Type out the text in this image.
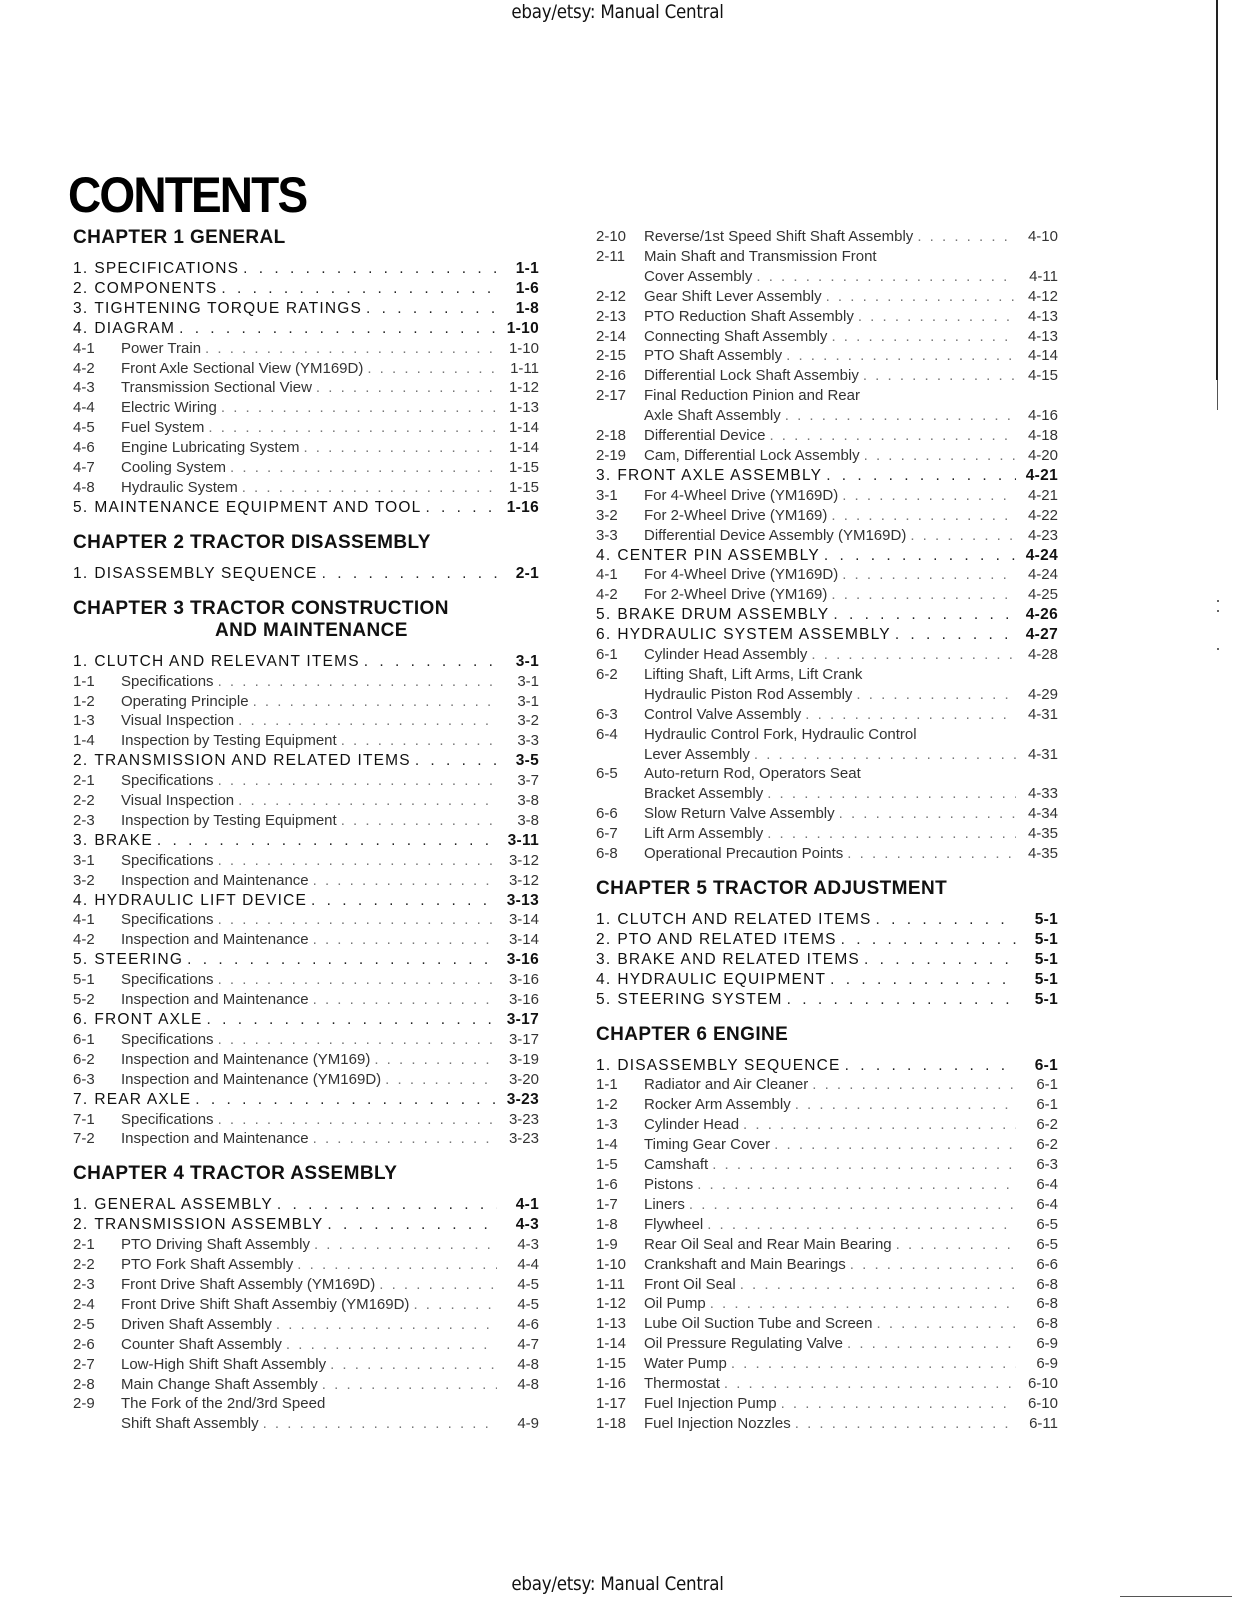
ebay/etsy: Manual Central
CONTENTS
CHAPTER 1 GENERAL
1. SPECIFICATIONS . . .	1-1
2. COMPONENTS . . .	1-6
3. TIGHTENING TORQUE RATINGS . . .	1-8
4. DIAGRAM . . .	1-10
4-1	Power Train . . .	1-10
4-2	Front Axle Sectional View (YM169D) . . .	1-11
4-3	Transmission Sectional View . . .	1-12
4-4	Electric Wiring . . .	1-13
4-5	Fuel System . . .	1-14
4-6	Engine Lubricating System . . .	1-14
4-7	Cooling System . . .	1-15
4-8	Hydraulic System . . .	1-15
5. MAINTENANCE EQUIPMENT AND TOOL . . .	1-16
CHAPTER 2 TRACTOR DISASSEMBLY
1. DISASSEMBLY SEQUENCE . . .	2-1
CHAPTER 3 TRACTOR CONSTRUCTION
AND MAINTENANCE
1. CLUTCH AND RELEVANT ITEMS . . .	3-1
1-1	Specifications . . .	3-1
1-2	Operating Principle . . .	3-1
1-3	Visual Inspection . . .	3-2
1-4	Inspection by Testing Equipment . . .	3-3
2. TRANSMISSION AND RELATED ITEMS . . .	3-5
2-1	Specifications . . .	3-7
2-2	Visual Inspection . . .	3-8
2-3	Inspection by Testing Equipment . . .	3-8
3. BRAKE . . .	3-11
3-1	Specifications . . .	3-12
3-2	Inspection and Maintenance . . .	3-12
4. HYDRAULIC LIFT DEVICE . . .	3-13
4-1	Specifications . . .	3-14
4-2	Inspection and Maintenance . . .	3-14
5. STEERING . . .	3-16
5-1	Specifications . . .	3-16
5-2	Inspection and Maintenance . . .	3-16
6. FRONT AXLE . . .	3-17
6-1	Specifications . . .	3-17
6-2	Inspection and Maintenance (YM169) . . .	3-19
6-3	Inspection and Maintenance (YM169D) . . .	3-20
7. REAR AXLE . . .	3-23
7-1	Specifications . . .	3-23
7-2	Inspection and Maintenance . . .	3-23
CHAPTER 4 TRACTOR ASSEMBLY
1. GENERAL ASSEMBLY . . .	4-1
2. TRANSMISSION ASSEMBLY . . .	4-3
2-1	PTO Driving Shaft Assembly . . .	4-3
2-2	PTO Fork Shaft Assembly . . .	4-4
2-3	Front Drive Shaft Assembly (YM169D) . . .	4-5
2-4	Front Drive Shift Shaft Assembiy (YM169D) . . .	4-5
2-5	Driven Shaft Assembly . . .	4-6
2-6	Counter Shaft Assembly . . .	4-7
2-7	Low-High Shift Shaft Assembly . . .	4-8
2-8	Main Change Shaft Assembly . . .	4-8
2-9	The Fork of the 2nd/3rd Speed
Shift Shaft Assembly . . .	4-9
2-10	Reverse/1st Speed Shift Shaft Assembly . . .	4-10
2-11	Main Shaft and Transmission Front
Cover Assembly . . .	4-11
2-12	Gear Shift Lever Assembly . . .	4-12
2-13	PTO Reduction Shaft Assembly . . .	4-13
2-14	Connecting Shaft Assembly . . .	4-13
2-15	PTO Shaft Assembly . . .	4-14
2-16	Differential Lock Shaft Assembiy . . .	4-15
2-17	Final Reduction Pinion and Rear
Axle Shaft Assembly . . .	4-16
2-18	Differential Device . . .	4-18
2-19	Cam, Differential Lock Assembly . . .	4-20
3. FRONT AXLE ASSEMBLY . . .	4-21
3-1	For 4-Wheel Drive (YM169D) . . .	4-21
3-2	For 2-Wheel Drive (YM169) . . .	4-22
3-3	Differential Device Assembly (YM169D) . . .	4-23
4. CENTER PIN ASSEMBLY . . .	4-24
4-1	For 4-Wheel Drive (YM169D) . . .	4-24
4-2	For 2-Wheel Drive (YM169) . . .	4-25
5. BRAKE DRUM ASSEMBLY . . .	4-26
6. HYDRAULIC SYSTEM ASSEMBLY . . .	4-27
6-1	Cylinder Head Assembly . . .	4-28
6-2	Lifting Shaft, Lift Arms, Lift Crank
Hydraulic Piston Rod Assembly . . .	4-29
6-3	Control Valve Assembly . . .	4-31
6-4	Hydraulic Control Fork, Hydraulic Control
Lever Assembly . . .	4-31
6-5	Auto-return Rod, Operators Seat
Bracket Assembly . . .	4-33
6-6	Slow Return Valve Assembly . . .	4-34
6-7	Lift Arm Assembly . . .	4-35
6-8	Operational Precaution Points . . .	4-35
CHAPTER 5 TRACTOR ADJUSTMENT
1. CLUTCH AND RELATED ITEMS . . .	5-1
2. PTO AND RELATED ITEMS . . .	5-1
3. BRAKE AND RELATED ITEMS . . .	5-1
4. HYDRAULIC EQUIPMENT . . .	5-1
5. STEERING SYSTEM . . .	5-1
CHAPTER 6 ENGINE
1. DISASSEMBLY SEQUENCE . . .	6-1
1-1	Radiator and Air Cleaner . . .	6-1
1-2	Rocker Arm Assembly . . .	6-1
1-3	Cylinder Head . . .	6-2
1-4	Timing Gear Cover . . .	6-2
1-5	Camshaft . . .	6-3
1-6	Pistons . . .	6-4
1-7	Liners . . .	6-4
1-8	Flywheel . . .	6-5
1-9	Rear Oil Seal and Rear Main Bearing . . .	6-5
1-10	Crankshaft and Main Bearings . . .	6-6
1-11	Front Oil Seal . . .	6-8
1-12	Oil Pump . . .	6-8
1-13	Lube Oil Suction Tube and Screen . . .	6-8
1-14	Oil Pressure Regulating Valve . . .	6-9
1-15	Water Pump . . .	6-9
1-16	Thermostat . . .	6-10
1-17	Fuel Injection Pump . . .	6-10
1-18	Fuel Injection Nozzles . . .	6-11
ebay/etsy: Manual Central
